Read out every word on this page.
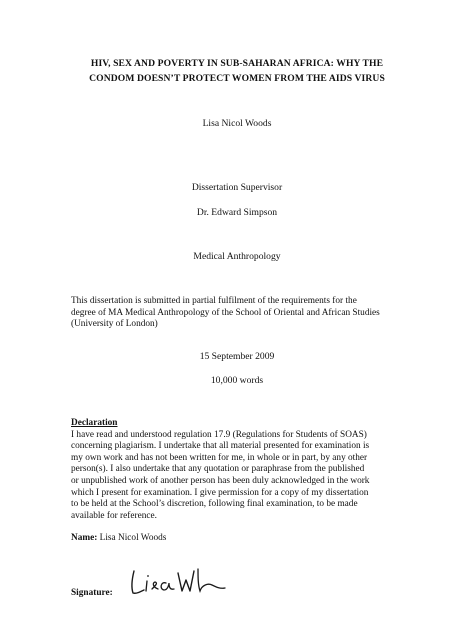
HIV, SEX AND POVERTY IN SUB-SAHARAN AFRICA: WHY THE
CONDOM DOESN’T PROTECT WOMEN FROM THE AIDS VIRUS
Lisa Nicol Woods
Dissertation Supervisor
Dr. Edward Simpson
Medical Anthropology
This dissertation is submitted in partial fulfilment of the requirements for the
degree of MA Medical Anthropology of the School of Oriental and African Studies
(University of London)
15 September 2009
10,000 words
Declaration
I have read and understood regulation 17.9 (Regulations for Students of SOAS)
concerning plagiarism. I undertake that all material presented for examination is
my own work and has not been written for me, in whole or in part, by any other
person(s). I also undertake that any quotation or paraphrase from the published
or unpublished work of another person has been duly acknowledged in the work
which I present for examination. I give permission for a copy of my dissertation
to be held at the School’s discretion, following final examination, to be made
available for reference.
Name: Lisa Nicol Woods
Signature:
